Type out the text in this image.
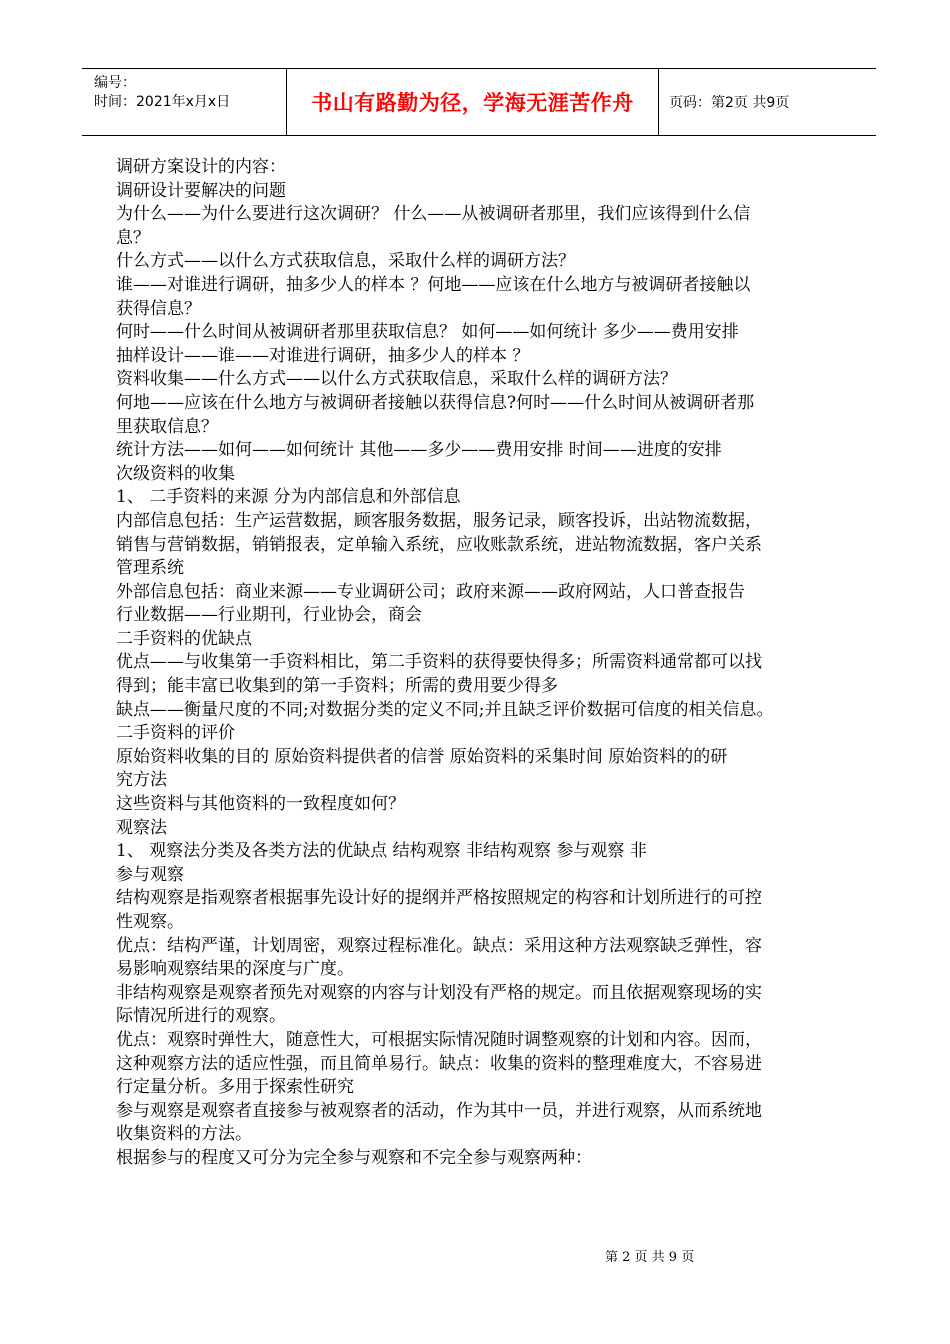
编号：
时间：2021年x月x日	书山有路勤为径，学海无涯苦作舟	页码：第2页 共9页
调研方案设计的内容：
调研设计要解决的问题
为什么——为什么要进行这次调研？ 什么——从被调研者那里，我们应该得到什么信
息？
什么方式——以什么方式获取信息，采取什么样的调研方法？
谁——对谁进行调研，抽多少人的样本 ？何地——应该在什么地方与被调研者接触以
获得信息？
何时——什么时间从被调研者那里获取信息？ 如何——如何统计 多少——费用安排
抽样设计——谁——对谁进行调研，抽多少人的样本 ？
资料收集——什么方式——以什么方式获取信息，采取什么样的调研方法？
何地——应该在什么地方与被调研者接触以获得信息?何时——什么时间从被调研者那
里获取信息？
统计方法——如何——如何统计 其他——多少——费用安排 时间——进度的安排
次级资料的收集
1、 二手资料的来源 分为内部信息和外部信息
内部信息包括：生产运营数据，顾客服务数据，服务记录，顾客投诉，出站物流数据，
销售与营销数据，销销报表，定单输入系统，应收账款系统，进站物流数据，客户关系
管理系统
外部信息包括：商业来源——专业调研公司；政府来源——政府网站，人口普查报告
行业数据——行业期刊，行业协会，商会
二手资料的优缺点
优点——与收集第一手资料相比，第二手资料的获得要快得多；所需资料通常都可以找
得到；能丰富已收集到的第一手资料；所需的费用要少得多
缺点——衡量尺度的不同;对数据分类的定义不同;并且缺乏评价数据可信度的相关信息。
二手资料的评价
原始资料收集的目的 原始资料提供者的信誉 原始资料的采集时间 原始资料的的研
究方法
这些资料与其他资料的一致程度如何？
观察法
1、 观察法分类及各类方法的优缺点 结构观察 非结构观察 参与观察 非
参与观察
结构观察是指观察者根据事先设计好的提纲并严格按照规定的构容和计划所进行的可控
性观察。
优点：结构严谨，计划周密，观察过程标准化。缺点：采用这种方法观察缺乏弹性，容
易影响观察结果的深度与广度。
非结构观察是观察者预先对观察的内容与计划没有严格的规定。而且依据观察现场的实
际情况所进行的观察。
优点：观察时弹性大，随意性大，可根据实际情况随时调整观察的计划和内容。因而，
这种观察方法的适应性强，而且简单易行。缺点：收集的资料的整理难度大，不容易进
行定量分析。多用于探索性研究
参与观察是观察者直接参与被观察者的活动，作为其中一员，并进行观察，从而系统地
收集资料的方法。
根据参与的程度又可分为完全参与观察和不完全参与观察两种：
第 2 页 共 9 页
